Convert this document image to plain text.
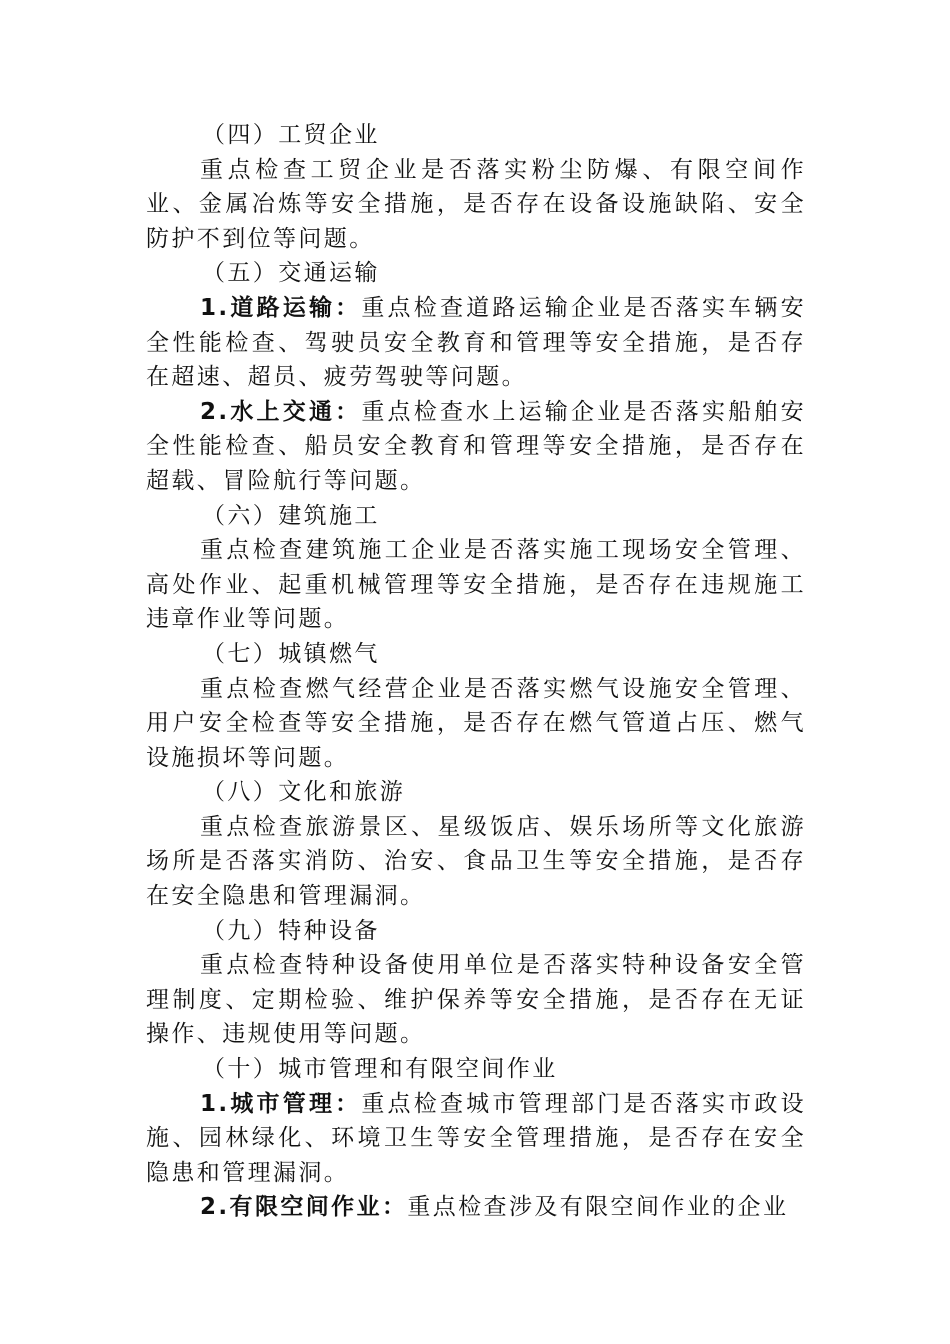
（四）工贸企业

重点检查工贸企业是否落实粉尘防爆、有限空间作业、金属冶炼等安全措施，是否存在设备设施缺陷、安全防护不到位等问题。

（五）交通运输

1.道路运输：重点检查道路运输企业是否落实车辆安全性能检查、驾驶员安全教育和管理等安全措施，是否存在超速、超员、疲劳驾驶等问题。

2.水上交通：重点检查水上运输企业是否落实船舶安全性能检查、船员安全教育和管理等安全措施，是否存在超载、冒险航行等问题。

（六）建筑施工

重点检查建筑施工企业是否落实施工现场安全管理、高处作业、起重机械管理等安全措施，是否存在违规施工违章作业等问题。

（七）城镇燃气

重点检查燃气经营企业是否落实燃气设施安全管理、用户安全检查等安全措施，是否存在燃气管道占压、燃气设施损坏等问题。

（八）文化和旅游

重点检查旅游景区、星级饭店、娱乐场所等文化旅游场所是否落实消防、治安、食品卫生等安全措施，是否存在安全隐患和管理漏洞。

（九）特种设备

重点检查特种设备使用单位是否落实特种设备安全管理制度、定期检验、维护保养等安全措施，是否存在无证操作、违规使用等问题。

（十）城市管理和有限空间作业

1.城市管理：重点检查城市管理部门是否落实市政设施、园林绿化、环境卫生等安全管理措施，是否存在安全隐患和管理漏洞。

2.有限空间作业：重点检查涉及有限空间作业的企业
